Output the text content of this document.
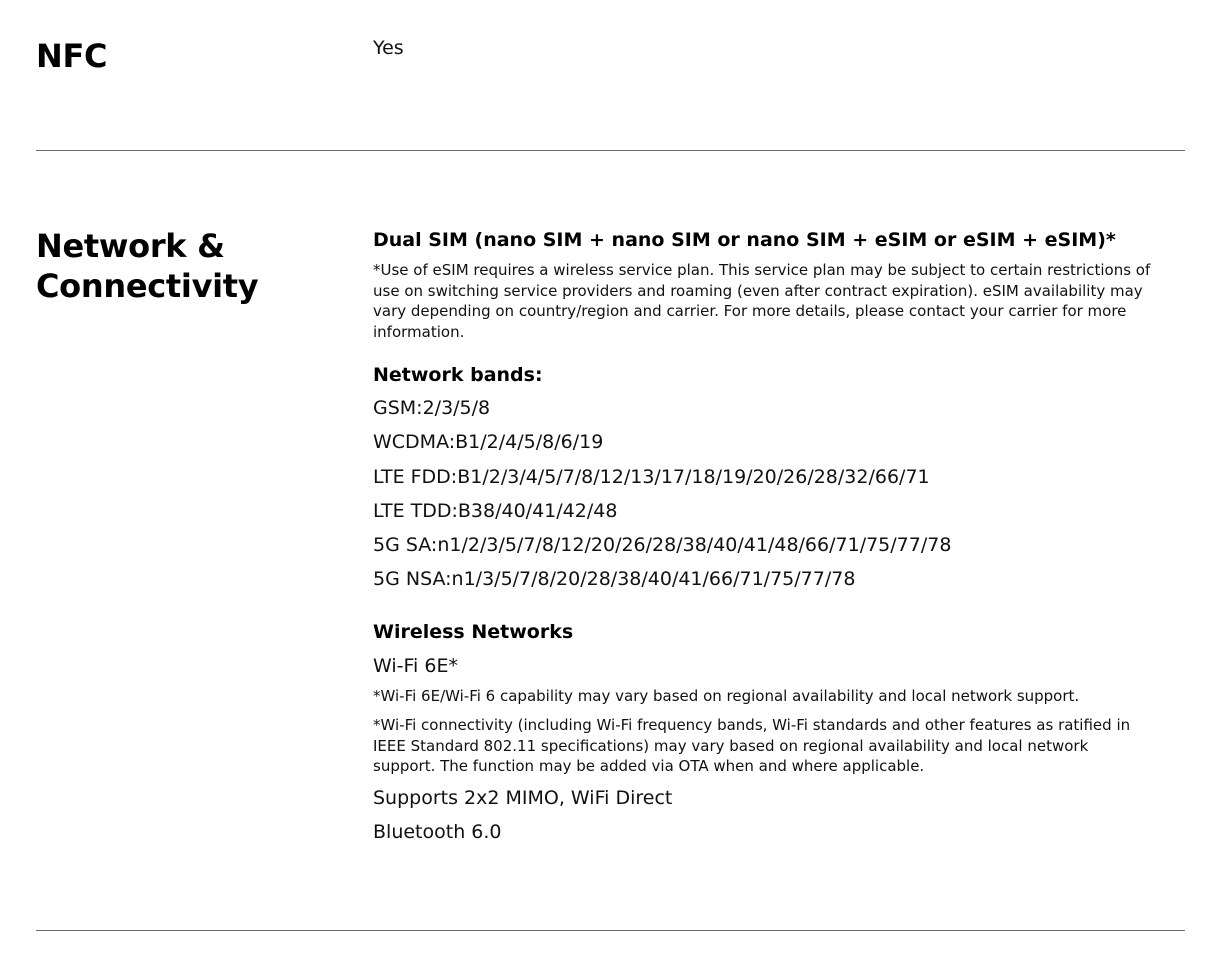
NFC	Yes

Network &
Connectivity

Dual SIM (nano SIM + nano SIM or nano SIM + eSIM or eSIM + eSIM)*

*Use of eSIM requires a wireless service plan. This service plan may be subject to certain restrictions of use on switching service providers and roaming (even after contract expiration). eSIM availability may vary depending on country/region and carrier. For more details, please contact your carrier for more information.

Network bands:

GSM:2/3/5/8
WCDMA:B1/2/4/5/8/6/19
LTE FDD:B1/2/3/4/5/7/8/12/13/17/18/19/20/26/28/32/66/71
LTE TDD:B38/40/41/42/48
5G SA:n1/2/3/5/7/8/12/20/26/28/38/40/41/48/66/71/75/77/78
5G NSA:n1/3/5/7/8/20/28/38/40/41/66/71/75/77/78

Wireless Networks

Wi-Fi 6E*

*Wi-Fi 6E/Wi-Fi 6 capability may vary based on regional availability and local network support.

*Wi-Fi connectivity (including Wi-Fi frequency bands, Wi-Fi standards and other features as ratified in IEEE Standard 802.11 specifications) may vary based on regional availability and local network support. The function may be added via OTA when and where applicable.

Supports 2x2 MIMO, WiFi Direct

Bluetooth 6.0
